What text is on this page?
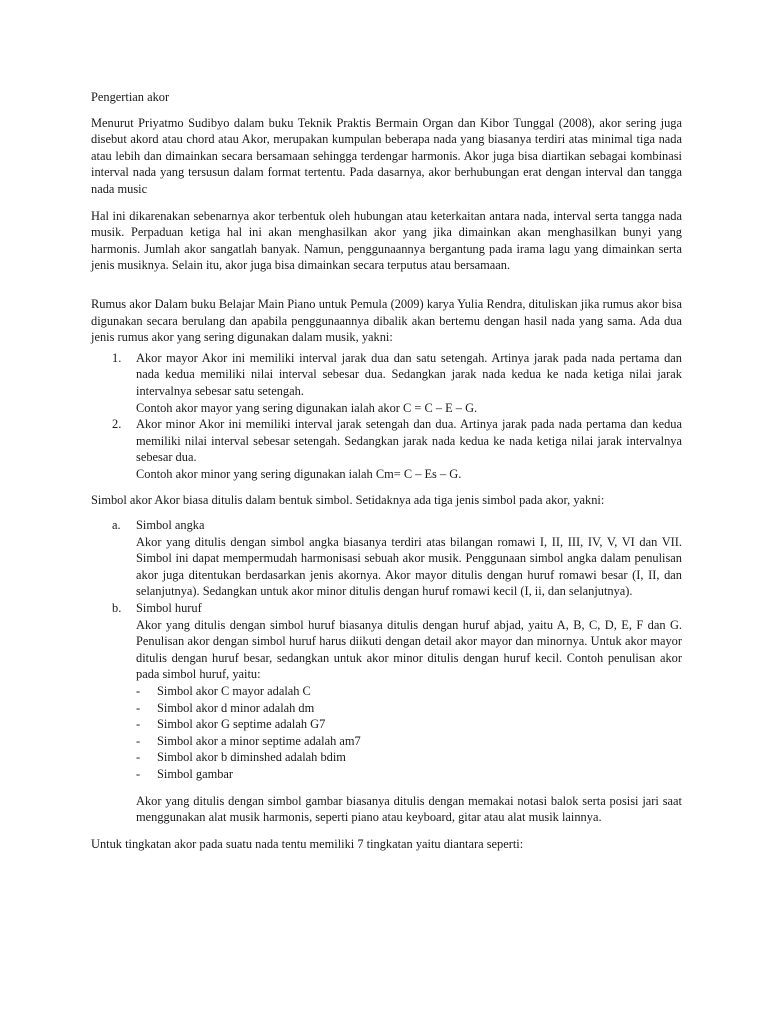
Pengertian akor

Menurut Priyatmo Sudibyo dalam buku Teknik Praktis Bermain Organ dan Kibor Tunggal (2008), akor sering juga disebut akord atau chord atau Akor, merupakan kumpulan beberapa nada yang biasanya terdiri atas minimal tiga nada atau lebih dan dimainkan secara bersamaan sehingga terdengar harmonis. Akor juga bisa diartikan sebagai kombinasi interval nada yang tersusun dalam format tertentu. Pada dasarnya, akor berhubungan erat dengan interval dan tangga nada music

Hal ini dikarenakan sebenarnya akor terbentuk oleh hubungan atau keterkaitan antara nada, interval serta tangga nada musik. Perpaduan ketiga hal ini akan menghasilkan akor yang jika dimainkan akan menghasilkan bunyi yang harmonis. Jumlah akor sangatlah banyak. Namun, penggunaannya bergantung pada irama lagu yang dimainkan serta jenis musiknya. Selain itu, akor juga bisa dimainkan secara terputus atau bersamaan.

Rumus akor Dalam buku Belajar Main Piano untuk Pemula (2009) karya Yulia Rendra, dituliskan jika rumus akor bisa digunakan secara berulang dan apabila penggunaannya dibalik akan bertemu dengan hasil nada yang sama. Ada dua jenis rumus akor yang sering digunakan dalam musik, yakni:

1.	Akor mayor Akor ini memiliki interval jarak dua dan satu setengah. Artinya jarak pada nada pertama dan nada kedua memiliki nilai interval sebesar dua. Sedangkan jarak nada kedua ke nada ketiga nilai jarak intervalnya sebesar satu setengah.

Contoh akor mayor yang sering digunakan ialah akor C = C – E – G.

2.	Akor minor Akor ini memiliki interval jarak setengah dan dua. Artinya jarak pada nada pertama dan kedua memiliki nilai interval sebesar setengah. Sedangkan jarak nada kedua ke nada ketiga nilai jarak intervalnya sebesar dua.

Contoh akor minor yang sering digunakan ialah Cm= C – Es – G.

Simbol akor Akor biasa ditulis dalam bentuk simbol. Setidaknya ada tiga jenis simbol pada akor, yakni:

a.	Simbol angka

Akor yang ditulis dengan simbol angka biasanya terdiri atas bilangan romawi I, II, III, IV, V, VI dan VII. Simbol ini dapat mempermudah harmonisasi sebuah akor musik. Penggunaan simbol angka dalam penulisan akor juga ditentukan berdasarkan jenis akornya. Akor mayor ditulis dengan huruf romawi besar (I, II, dan selanjutnya). Sedangkan untuk akor minor ditulis dengan huruf romawi kecil (I, ii, dan selanjutnya).

b.	Simbol huruf

Akor yang ditulis dengan simbol huruf biasanya ditulis dengan huruf abjad, yaitu A, B, C, D, E, F dan G. Penulisan akor dengan simbol huruf harus diikuti dengan detail akor mayor dan minornya. Untuk akor mayor ditulis dengan huruf besar, sedangkan untuk akor minor ditulis dengan huruf kecil. Contoh penulisan akor pada simbol huruf, yaitu:

-	Simbol akor C mayor adalah C
-	Simbol akor d minor adalah dm
-	Simbol akor G septime adalah G7
-	Simbol akor a minor septime adalah am7
-	Simbol akor b diminshed adalah bdim
-	Simbol gambar

Akor yang ditulis dengan simbol gambar biasanya ditulis dengan memakai notasi balok serta posisi jari saat menggunakan alat musik harmonis, seperti piano atau keyboard, gitar atau alat musik lainnya.

Untuk tingkatan akor pada suatu nada tentu memiliki 7 tingkatan yaitu diantara seperti:
